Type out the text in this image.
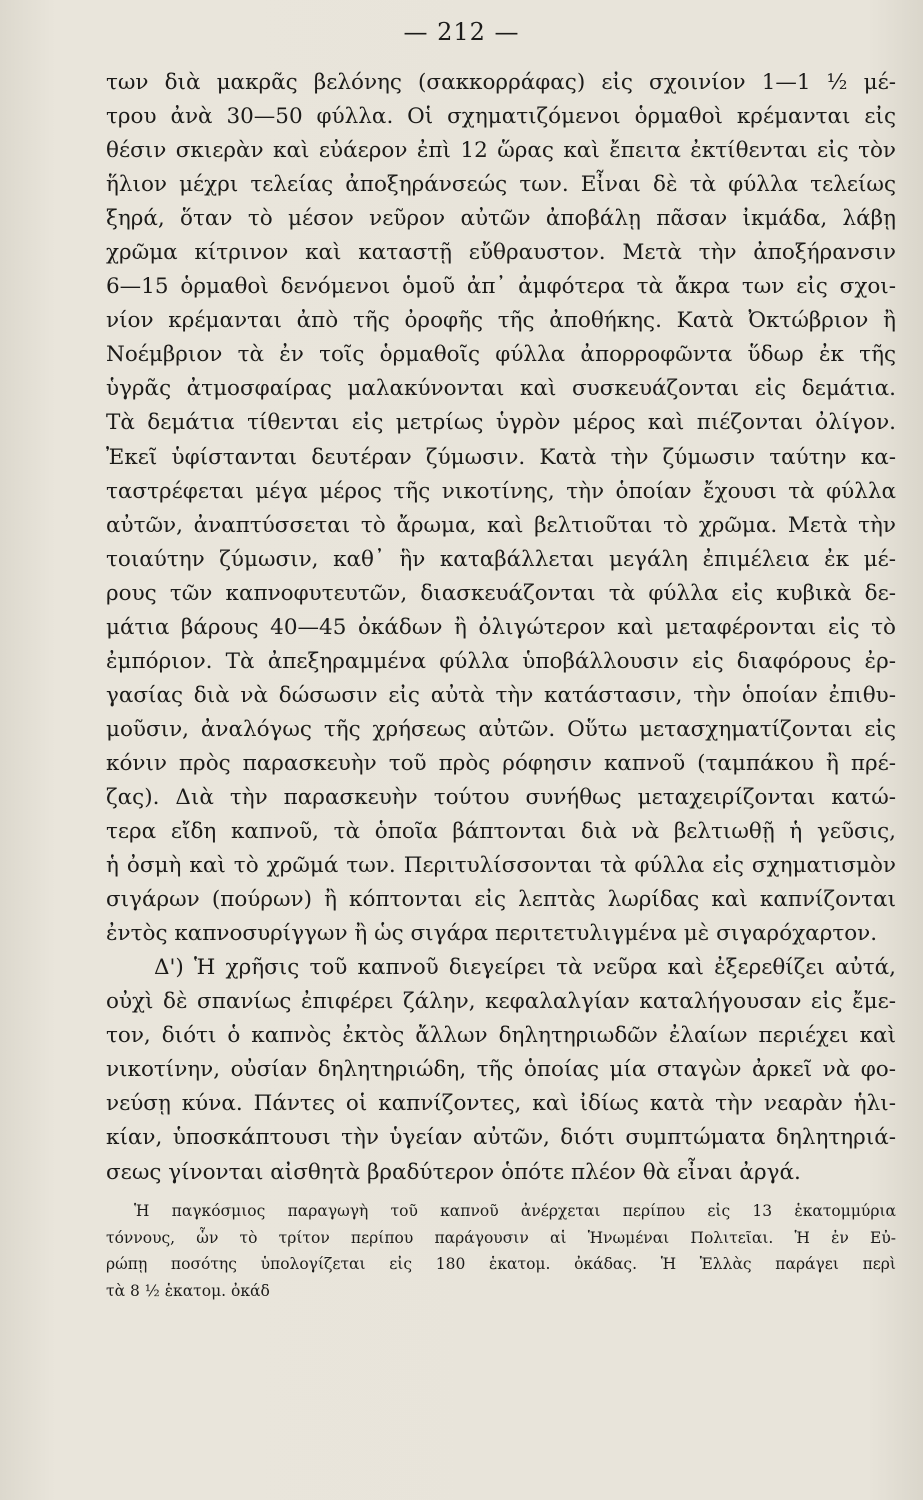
— 212 —
των διὰ μακρᾶς βελόνης (σακκορράφας) εἰς σχοινίον 1—1 ½ μέ-
τρου ἀνὰ 30—50 φύλλα. Οἱ σχηματιζόμενοι ὁρμαθοὶ κρέμανται εἰς
θέσιν σκιερὰν καὶ εὐάερον ἐπὶ 12 ὥρας καὶ ἔπειτα ἐκτίθενται εἰς τὸν
ἥλιον μέχρι τελείας ἀποξηράνσεώς των. Εἶναι δὲ τὰ φύλλα τελείως
ξηρά, ὅταν τὸ μέσον νεῦρον αὐτῶν ἀποβάλῃ πᾶσαν ἰκμάδα, λάβῃ
χρῶμα κίτρινον καὶ καταστῇ εὔθραυστον. Μετὰ τὴν ἀποξήρανσιν
6—15 ὁρμαθοὶ δενόμενοι ὁμοῦ ἀπ᾽ ἀμφότερα τὰ ἄκρα των εἰς σχοι-
νίον κρέμανται ἀπὸ τῆς ὀροφῆς τῆς ἀποθήκης. Κατὰ Ὀκτώβριον ἢ
Νοέμβριον τὰ ἐν τοῖς ὁρμαθοῖς φύλλα ἀπορροφῶντα ὕδωρ ἐκ τῆς
ὑγρᾶς ἀτμοσφαίρας μαλακύνονται καὶ συσκευάζονται εἰς δεμάτια.
Τὰ δεμάτια τίθενται εἰς μετρίως ὑγρὸν μέρος καὶ πιέζονται ὀλίγον.
Ἐκεῖ ὑφίστανται δευτέραν ζύμωσιν. Κατὰ τὴν ζύμωσιν ταύτην κα-
ταστρέφεται μέγα μέρος τῆς νικοτίνης, τὴν ὁποίαν ἔχουσι τὰ φύλλα
αὐτῶν, ἀναπτύσσεται τὸ ἄρωμα, καὶ βελτιοῦται τὸ χρῶμα. Μετὰ τὴν
τοιαύτην ζύμωσιν, καθ᾽ ἣν καταβάλλεται μεγάλη ἐπιμέλεια ἐκ μέ-
ρους τῶν καπνοφυτευτῶν, διασκευάζονται τὰ φύλλα εἰς κυβικὰ δε-
μάτια βάρους 40—45 ὀκάδων ἢ ὀλιγώτερον καὶ μεταφέρονται εἰς τὸ
ἐμπόριον. Τὰ ἀπεξηραμμένα φύλλα ὑποβάλλουσιν εἰς διαφόρους ἐρ-
γασίας διὰ νὰ δώσωσιν εἰς αὐτὰ τὴν κατάστασιν, τὴν ὁποίαν ἐπιθυ-
μοῦσιν, ἀναλόγως τῆς χρήσεως αὐτῶν. Οὕτω μετασχηματίζονται εἰς
κόνιν πρὸς παρασκευὴν τοῦ πρὸς ρόφησιν καπνοῦ (ταμπάκου ἢ πρέ-
ζας). Διὰ τὴν παρασκευὴν τούτου συνήθως μεταχειρίζονται κατώ-
τερα εἴδη καπνοῦ, τὰ ὁποῖα βάπτονται διὰ νὰ βελτιωθῇ ἡ γεῦσις,
ἡ ὀσμὴ καὶ τὸ χρῶμά των. Περιτυλίσσονται τὰ φύλλα εἰς σχηματισμὸν
σιγάρων (πούρων) ἢ κόπτονται εἰς λεπτὰς λωρίδας καὶ καπνίζονται
ἐντὸς καπνοσυρίγγων ἢ ὡς σιγάρα περιτετυλιγμένα μὲ σιγαρόχαρτον.
Δ') Ἡ χρῆσις τοῦ καπνοῦ διεγείρει τὰ νεῦρα καὶ ἐξερεθίζει αὐτά,
οὐχὶ δὲ σπανίως ἐπιφέρει ζάλην, κεφαλαλγίαν καταλήγουσαν εἰς ἔμε-
τον, διότι ὁ καπνὸς ἐκτὸς ἄλλων δηλητηριωδῶν ἐλαίων περιέχει καὶ
νικοτίνην, οὐσίαν δηλητηριώδη, τῆς ὁποίας μία σταγὼν ἀρκεῖ νὰ φο-
νεύσῃ κύνα. Πάντες οἱ καπνίζοντες, καὶ ἰδίως κατὰ τὴν νεαρὰν ἡλι-
κίαν, ὑποσκάπτουσι τὴν ὑγείαν αὐτῶν, διότι συμπτώματα δηλητηριά-
σεως γίνονται αἰσθητὰ βραδύτερον ὁπότε πλέον θὰ εἶναι ἀργά.
Ἡ παγκόσμιος παραγωγὴ τοῦ καπνοῦ ἀνέρχεται περίπου εἰς 13 ἑκατομμύρια
τόννους, ὧν τὸ τρίτον περίπου παράγουσιν αἱ Ἡνωμέναι Πολιτεῖαι. Ἡ ἐν Εὐ-
ρώπῃ ποσότης ὑπολογίζεται εἰς 180 ἑκατομ. ὀκάδας. Ἡ Ἑλλὰς παράγει περὶ
τὰ 8 ½ ἑκατομ. ὀκάδ
